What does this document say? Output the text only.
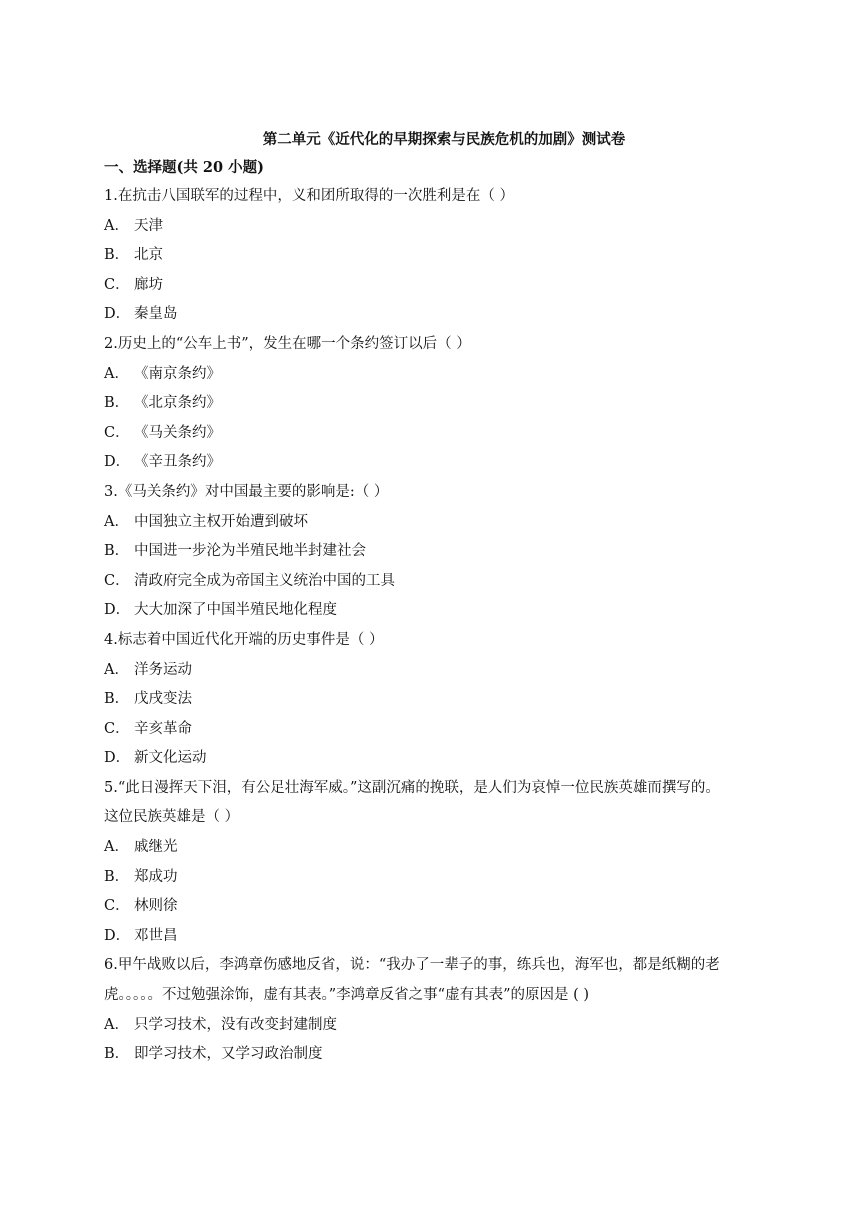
第二单元《近代化的早期探索与民族危机的加剧》测试卷
一、选择题(共 20 小题)
1.在抗击八国联军的过程中，义和团所取得的一次胜利是在（ ）
A． 天津
B． 北京
C． 廊坊
D． 秦皇岛
2.历史上的“公车上书”，发生在哪一个条约签订以后（ ）
A． 《南京条约》
B． 《北京条约》
C． 《马关条约》
D． 《辛丑条约》
3.《马关条约》对中国最主要的影响是:（ ）
A． 中国独立主权开始遭到破坏
B． 中国进一步沦为半殖民地半封建社会
C． 清政府完全成为帝国主义统治中国的工具
D． 大大加深了中国半殖民地化程度
4.标志着中国近代化开端的历史事件是（ ）
A． 洋务运动
B． 戊戌变法
C． 辛亥革命
D． 新文化运动
5.“此日漫挥天下泪，有公足壮海军威。”这副沉痛的挽联，是人们为哀悼一位民族英雄而撰写的。
这位民族英雄是（ ）
A． 戚继光
B． 郑成功
C． 林则徐
D． 邓世昌
6.甲午战败以后，李鸿章伤感地反省，说：“我办了一辈子的事，练兵也，海军也，都是纸糊的老
虎。。。。。不过勉强涂饰，虚有其表。”李鸿章反省之事“虚有其表”的原因是 ( )
A． 只学习技术，没有改变封建制度
B． 即学习技术，又学习政治制度
